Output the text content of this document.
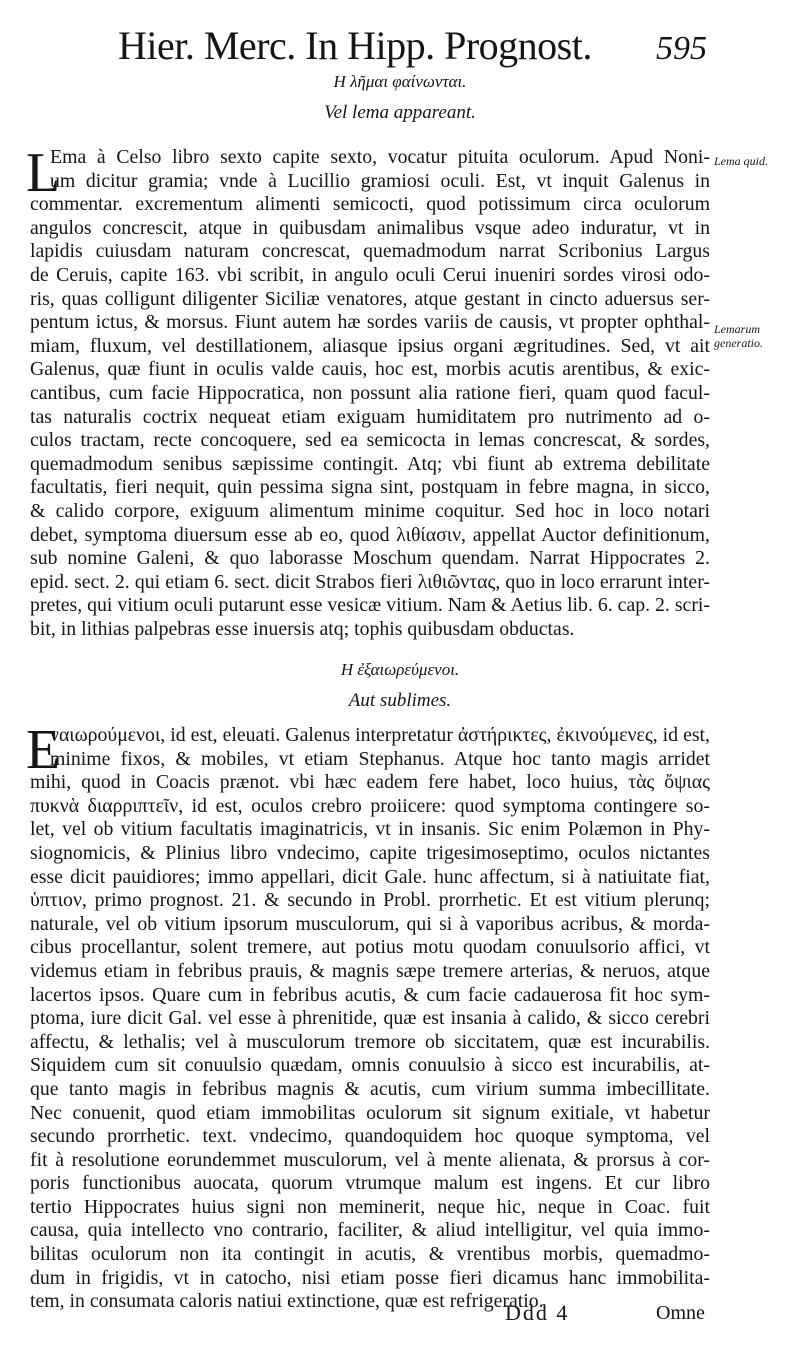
Hier. Merc. In Hipp. Prognost. 595
Η λῆμαι φαίνωνται.
Vel lema appareant.
L
Ema à Celso libro sexto capite sexto, vocatur pituita oculorum. Apud Noni-
um dicitur gramia; vnde à Lucillio gramiosi oculi. Est, vt inquit Galenus in
commentar. excrementum alimenti semicocti, quod potissimum circa oculorum
angulos concrescit, atque in quibusdam animalibus vsque adeo induratur, vt in
lapidis cuiusdam naturam concrescat, quemadmodum narrat Scribonius Largus
de Ceruis, capite 163. vbi scribit, in angulo oculi Cerui inueniri sordes virosi odo-
ris, quas colligunt diligenter Siciliæ venatores, atque gestant in cincto aduersus ser-
pentum ictus, & morsus. Fiunt autem hæ sordes variis de causis, vt propter ophthal-
miam, fluxum, vel destillationem, aliasque ipsius organi ægritudines. Sed, vt ait
Galenus, quæ fiunt in oculis valde cauis, hoc est, morbis acutis arentibus, & exic-
cantibus, cum facie Hippocratica, non possunt alia ratione fieri, quam quod facul-
tas naturalis coctrix nequeat etiam exiguam humiditatem pro nutrimento ad o-
culos tractam, recte concoquere, sed ea semicocta in lemas concrescat, & sordes,
quemadmodum senibus sæpissime contingit. Atq; vbi fiunt ab extrema debilitate
facultatis, fieri nequit, quin pessima signa sint, postquam in febre magna, in sicco,
& calido corpore, exiguum alimentum minime coquitur. Sed hoc in loco notari
debet, symptoma diuersum esse ab eo, quod λιθίασιν, appellat Auctor definitionum,
sub nomine Galeni, & quo laborasse Moschum quendam. Narrat Hippocrates 2.
epid. sect. 2. qui etiam 6. sect. dicit Strabos fieri λιθιῶντας, quo in loco errarunt inter-
pretes, qui vitium oculi putarunt esse vesicæ vitium. Nam & Aetius lib. 6. cap. 2. scri-
bit, in lithias palpebras esse inuersis atq; tophis quibusdam obductas.
Lema quid.
Lemarum generatio.
Η ἐξαιωρεύμενοι.
Aut sublimes.
E
ναιωρούμενοι, id est, eleuati. Galenus interpretatur ἀστήρικτες, ἐκινούμενες, id est,
minime fixos, & mobiles, vt etiam Stephanus. Atque hoc tanto magis arridet
mihi, quod in Coacis prænot. vbi hæc eadem fere habet, loco huius, τὰς ὄψιας
πυκνὰ διαρριπτεῖν, id est, oculos crebro proiicere: quod symptoma contingere so-
let, vel ob vitium facultatis imaginatricis, vt in insanis. Sic enim Polæmon in Phy-
siognomicis, & Plinius libro vndecimo, capite trigesimoseptimo, oculos nictantes
esse dicit pauidiores; immo appellari, dicit Gale. hunc affectum, si à natiuitate fiat,
ὑπτιον, primo prognost. 21. & secundo in Probl. prorrhetic. Et est vitium plerunq;
naturale, vel ob vitium ipsorum musculorum, qui si à vaporibus acribus, & morda-
cibus procellantur, solent tremere, aut potius motu quodam conuulsorio affici, vt
videmus etiam in febribus prauis, & magnis sæpe tremere arterias, & neruos, atque
lacertos ipsos. Quare cum in febribus acutis, & cum facie cadauerosa fit hoc sym-
ptoma, iure dicit Gal. vel esse à phrenitide, quæ est insania à calido, & sicco cerebri
affectu, & lethalis; vel à musculorum tremore ob siccitatem, quæ est incurabilis.
Siquidem cum sit conuulsio quædam, omnis conuulsio à sicco est incurabilis, at-
que tanto magis in febribus magnis & acutis, cum virium summa imbecillitate.
Nec conuenit, quod etiam immobilitas oculorum sit signum exitiale, vt habetur
secundo prorrhetic. text. vndecimo, quandoquidem hoc quoque symptoma, vel
fit à resolutione eorundemmet musculorum, vel à mente alienata, & prorsus à cor-
poris functionibus auocata, quorum vtrumque malum est ingens. Et cur libro
tertio Hippocrates huius signi non meminerit, neque hic, neque in Coac. fuit
causa, quia intellecto vno contrario, faciliter, & aliud intelligitur, vel quia immo-
bilitas oculorum non ita contingit in acutis, & vrentibus morbis, quemadmo-
dum in frigidis, vt in catocho, nisi etiam posse fieri dicamus hanc immobilita-
tem, in consumata caloris natiui extinctione, quæ est refrigeratio.
Ddd 4	Omne
